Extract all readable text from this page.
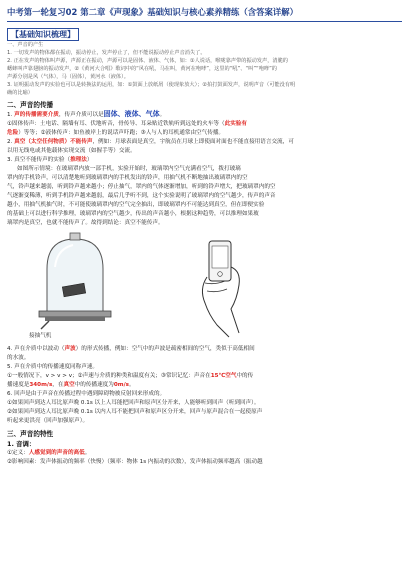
中考第一轮复习02 第二章《声现象》基础知识与核心素养精练（含答案详解）
【基础知识梳理】

一、声音的产生

1. 一切发声的物体都在振动，振动停止，发声停止了，但不能说振动停止声音消失了。

2. 正在发声的物体叫声源，声源正在振动，声源可以是固体、液体、气体，如：①人说话，喉咙靠声带的振动发声，清脆的

蟋蟀叫声靠翅膀的振动发声，②《黄河大合唱》歌词中的“风在吼，马在叫，黄河在咆哮”，这里的“吼”、“叫”“咆哮”的

声源分别是风（气体），马（固体），黄河水（液体）。

3. 证明振动发声的实验也可以是转换法的运用，如：①鼓面上放纸屑（使现象放大）；②拍打鼓面发声，说明声音（可能没有明

确的比喻）

二、声音的传播

1. 声的传播需要介质，传声介质可以是固体、液体、气体。

①固体传声：土电话、隔墙有耳、伏地听音，骨传导、耳朵贴近铁轨听到远处的火车等（此实验有

危险）等等；②液体传声：如鱼被岸上的说话声吓跑；③人与人的耳机通常由空气传播。

2. 真空（太空任何物质）不能传声，例如：月球表面是真空，宇航员在月球上即使面对面也不能直接用语言交流，可

以用无线电或其他载体实现交流（如握手等）交流。

3. 真空不能传声的实验（推理法）

如图所示情境：在玻璃罩内放一部手机，实验开始时，玻璃罩内空气充满看空气，拨打玻璃

罩内的手机铃声，可以清楚地听到玻璃罩内的手机发出的铃声，用抽气机不断地抽出玻璃罩内的空

气，铃声越来越弱，听到铃声越来越小；停止抽气，罩内的气体逐渐增加，听到的铃声增大，把玻璃罩内的空

气逐渐变稀薄，听到手机铃声越来越弱，最后几乎听不到，这个实验说明了玻璃罩内的空气越少，传声的声音

越小，用抽气机抽气时，不可能使玻璃罩内的空气完全抽出，即玻璃罩内不可能达到真空，但在即便实验

的基础上可以进行科学推理，玻璃罩内的空气越少，传出的声音越小，根据这种趋势，可以推理如果玻

璃罩内是真空，也就不能传声了。故得到结论：真空不能传声。

接抽气机

4. 声在介质中以波动（声波）的形式传播，例如：空气中的声波是疏密相间的空气，类似于高低相间

的水波。

5. 声在介质中的传播速度同称声速。

①一般情况下，v > v > v；②声速与介质的种类和温度有关；③常识记忆：声音在15℃空气中的传

播速度是340m/s，在真空中的传播速度为0m/s。

6. 回声是由于声音在传播过程中遇到障碍物被反射回来形成的。

①如果回声到达人耳比原声晚 0.1s 以上人耳能把回声和原声区分开来，人能够听到回声（听到回声）。

②如果回声到达人耳比原声晚 0.1s 以内人耳不能把回声和原声区分开来，回声与原声混合在一起使原声

听起来更洪亮（回声加强原声）。

三、声音的特性

1. 音调：

①定义：人感觉到的声音的高低。

②影响因素：发声体振动的频率（快慢）（频率：物体 1s 内振动的次数），发声体振动频率越高（振动越
